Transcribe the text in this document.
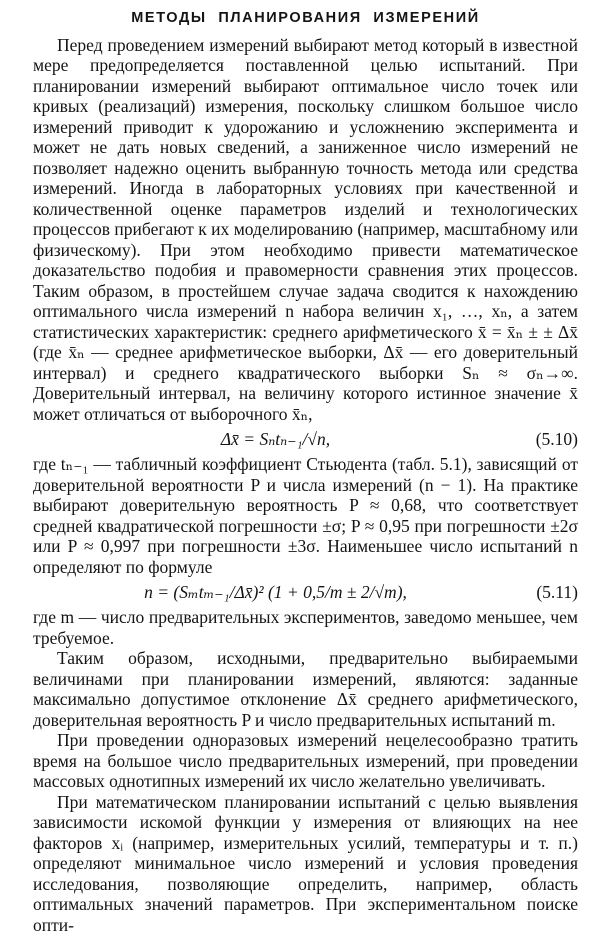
МЕТОДЫ ПЛАНИРОВАНИЯ ИЗМЕРЕНИЙ

Перед проведением измерений выбирают метод который в известной мере предопределяется поставленной целью испытаний. При планировании измерений выбирают оптимальное число точек или кривых (реализаций) измерения, поскольку слишком большое число измерений приводит к удорожанию и усложнению эксперимента и может не дать новых сведений, а заниженное число измерений не позволяет надежно оценить выбранную точность метода или средства измерений. Иногда в лабораторных условиях при качественной и количественной оценке параметров изделий и технологических процессов прибегают к их моделированию (например, масштабному или физическому). При этом необходимо привести математическое доказательство подобия и правомерности сравнения этих процессов. Таким образом, в простейшем случае задача сводится к нахождению оптимального числа измерений n набора величин x₁, …, xₙ, а затем статистических характеристик: среднего арифметического x̄ = x̄ₙ ± ± Δx̄ (где x̄ₙ — среднее арифметическое выборки, Δx̄ — его доверительный интервал) и среднего квадратического выборки Sₙ ≈ σₙ→∞. Доверительный интервал, на величину которого истинное значение x̄ может отличаться от выборочного x̄ₙ,

Δx̄ = Sₙtₙ₋₁/√n,	(5.10)

где tₙ₋₁ — табличный коэффициент Стьюдента (табл. 5.1), зависящий от доверительной вероятности P и числа измерений (n − 1). На практике выбирают доверительную вероятность P ≈ 0,68, что соответствует средней квадратической погрешности ±σ; P ≈ 0,95 при погрешности ±2σ или P ≈ 0,997 при погрешности ±3σ. Наименьшее число испытаний n определяют по формуле

n = (Sₘtₘ₋₁/Δx̄)² (1 + 0,5/m ± 2/√m),	(5.11)

где m — число предварительных экспериментов, заведомо меньшее, чем требуемое.

Таким образом, исходными, предварительно выбираемыми величинами при планировании измерений, являются: заданные максимально допустимое отклонение Δx̄ среднего арифметического, доверительная вероятность P и число предварительных испытаний m.

При проведении одноразовых измерений нецелесообразно тратить время на большое число предварительных измерений, при проведении массовых однотипных измерений их число желательно увеличивать.

При математическом планировании испытаний с целью выявления зависимости искомой функции y измерения от влияющих на нее факторов xᵢ (например, измерительных усилий, температуры и т. п.) определяют минимальное число измерений и условия проведения исследования, позволяющие определить, например, область оптимальных значений параметров. При экспериментальном поиске опти-
